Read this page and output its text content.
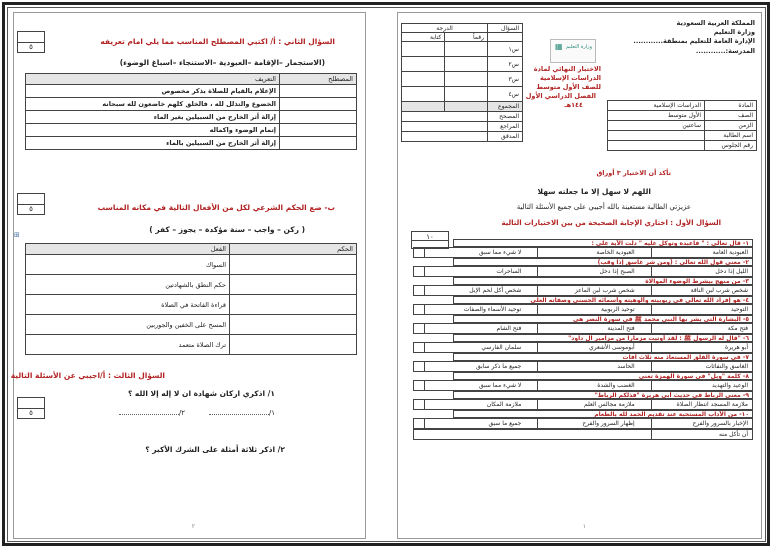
٥
السؤال الثاني : أ/ اكتبي المصطلح المناسب مما يلي امام تعريفه
(الاستجمار –الإقامة –العبودية –الاستنجاء –اسباغ الوضوء)
المصطلح	التعريف
	الإعلام بالقيام للصلاة بذكر مخصوص
	الخضوع والتذلل لله ، فالخلق كلهم خاضعون لله سبحانه
	إزالة أثر الخارج من السبيلين بغير الماء
	إتمام الوضوء واكماله
	إزالة أثر الخارج من السبيلين بالماء
٥	ب- ضع الحكم الشرعي لكل من الأفعال التالية في مكانه المناسب
( ركن – واجب – سنة مؤكدة – يجوز – كفر )
⊞
الحكم	الفعل
	السواك
	حكم النطق بالشهادتين
	قراءة الفاتحة في الصلاة
	المسح على الخفين والجوربين
	ترك الصلاة متعمد
السؤال الثالث : أ/اجيبي عن الأسئلة التالية
٥
١/ اذكري اركان شهادة ان لا إله إلا الله ؟
١/
٢/
٢/ اذكر ثلاثة أمثلة على الشرك الأكبر ؟
٢
المملكة العربية السعودية
وزارة التعليم
الإدارة العامة للتعليم بمنطقة............
المدرسة:............
▦ وزارة التعليم
الاختبار النهائي لمادة
الدراسات الإسلامية
للصف الأول متوسط
الفصل الدراسي الأول
١٤٤هـ	المادة	الدراسات الإسلامية
الصف	الأول متوسط
الزمن	ساعتين
اسم الطالبة	
رقم الجلوس	
السؤال	الدرجة	
	رقماً	كتابة
س١		
س٢		
س٣		
س٤		
المجموع		
المصحح		
المراجع		
المدقق		
تأكد أن الاختبار ٣ أوراق
اللهم لا سهل إلا ما جعلته سهلا
عزيزتي الطالبة مستعينة بالله أجيبي على جميع الأسئلة التالية
السؤال الأول : اختاري الإجابة الصحيحة من بين الاختيارات التالية
١٠
١- قال تعالى : " فاعبده وتوكل عليه " دلت الآية على :
العبودية العامة
العبودية الخاصة
لا شيء مما سبق
٢- معنى قول الله تعالى : (ومن شر غاسق إذا وقب)
الليل إذا دخل
الصبح إذا دخل
الساحرات
٣- من منهج بيشرط الوضوء الموالاة
شخص شرب لبن الناقة
شخص شرب لبن الماعز
شخص أكل لحم الإبل
٤- هو إفراد الله تعالى في ربوبيته وألوهيته وأسمائه الحسنى وصفاته العلى
التوحيد
توحيد الربوبية
توحيد الأسماء والصفات
٥- البشارة التي بشر بها النبي محمد ﷺ في سورة النصر هي
فتح مكة
فتح المدينة
فتح الشام
٦- "قال له الرسول ﷺ : لقد أوتيت مزماراً من مزامير آل داود"
أبو هريرة
أبوموسى الأشعري
سلمان الفارسي
٧- في سورة الفلق المستعاذ منه ثلاث آفات
الغاسق والنفاثات
الحاسد
جميع ما ذكر سابق
٨- كلمة "ويل" في سورة الهمزة تعني
الوعيد والتهديد
الغضب والشدة
لا شيء مما سبق
٩- معنى الرباط في حديث أبي هريرة "فذلكم الرباط"
ملازمة المسجد انتظار الصلاة
ملازمة مجالس العلم
ملازمة المكان
١٠- من الآداب المستحبة عند تقديم الحمد لله بالطعام
الإخبار بالسرور والفرح
إظهار السرور والفرح
جميع ما سبق
أن تأكل منه
١
